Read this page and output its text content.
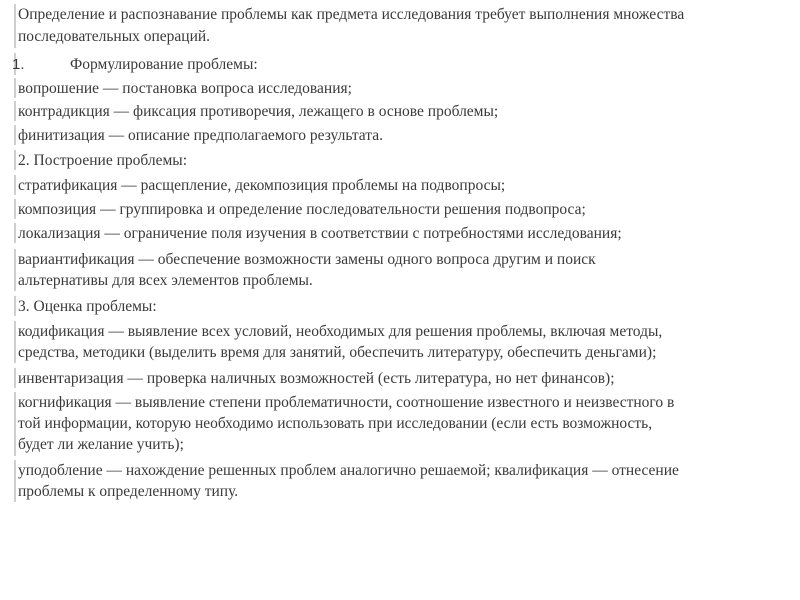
Определение и распознавание проблемы как предмета исследования требует выполнения множества
последовательных операций.
1.	Формулирование проблемы:
вопрошение — постановка вопроса исследования;
контрадикция — фиксация противоречия, лежащего в основе проблемы;
финитизация — описание предполагаемого результата.
2. Построение проблемы:
стратификация — расщепление, декомпозиция проблемы на подвопросы;
композиция — группировка и определение последовательности решения подвопроса;
локализация — ограничение поля изучения в соответствии с потребностями исследования;
вариантификация — обеспечение возможности замены одного вопроса другим и поиск
альтернативы для всех элементов проблемы.
3. Оценка проблемы:
кодификация — выявление всех условий, необходимых для решения проблемы, включая методы,
средства, методики (выделить время для занятий, обеспечить литературу, обеспечить деньгами);
инвентаризация — проверка наличных возможностей (есть литература, но нет финансов);
когнификация — выявление степени проблематичности, соотношение известного и неизвестного в
той информации, которую необходимо использовать при исследовании (если есть возможность,
будет ли желание учить);
уподобление — нахождение решенных проблем аналогично решаемой; квалификация — отнесение
проблемы к определенному типу.
